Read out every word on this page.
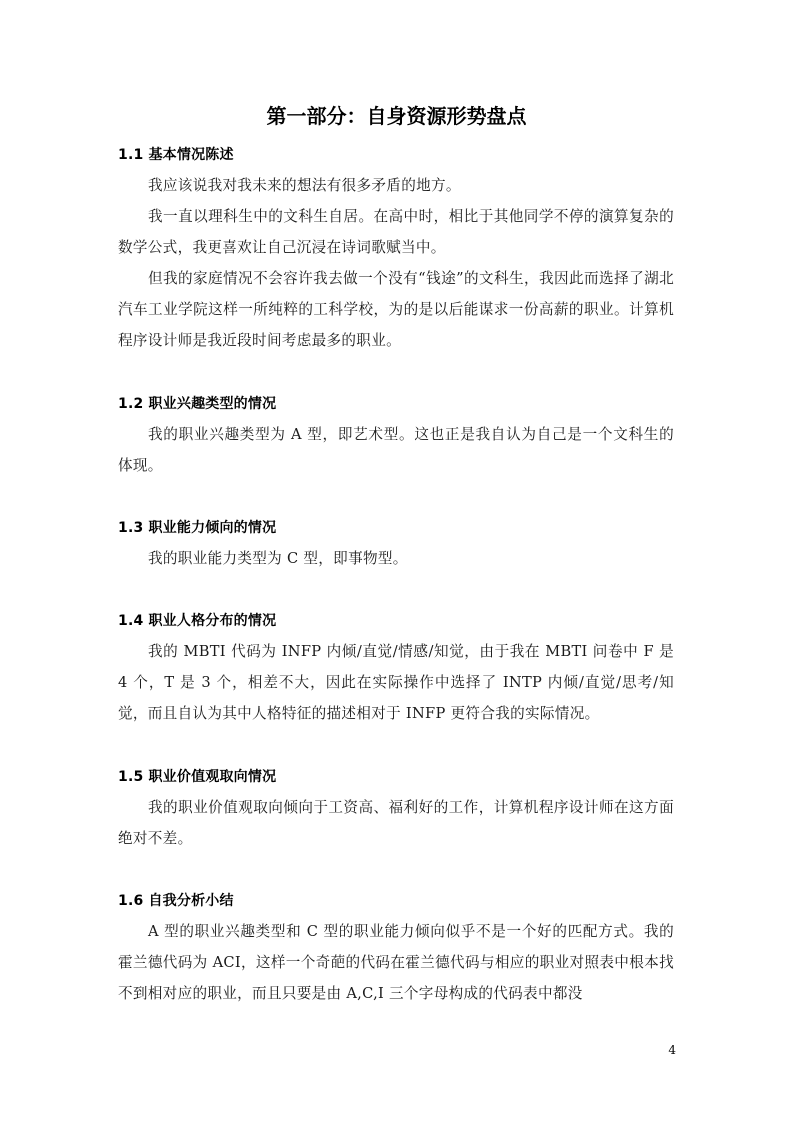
第一部分：自身资源形势盘点
1.1 基本情况陈述

我应该说我对我未来的想法有很多矛盾的地方。

我一直以理科生中的文科生自居。在高中时，相比于其他同学不停的演算复杂的数学公式，我更喜欢让自己沉浸在诗词歌赋当中。

但我的家庭情况不会容许我去做一个没有“钱途”的文科生，我因此而选择了湖北汽车工业学院这样一所纯粹的工科学校，为的是以后能谋求一份高薪的职业。计算机程序设计师是我近段时间考虑最多的职业。

1.2 职业兴趣类型的情况

我的职业兴趣类型为 A 型，即艺术型。这也正是我自认为自己是一个文科生的体现。

1.3 职业能力倾向的情况

我的职业能力类型为 C 型，即事物型。

1.4 职业人格分布的情况

我的 MBTI 代码为 INFP 内倾/直觉/情感/知觉，由于我在 MBTI 问卷中 F 是 4 个，T 是 3 个，相差不大，因此在实际操作中选择了 INTP 内倾/直觉/思考/知觉，而且自认为其中人格特征的描述相对于 INFP 更符合我的实际情况。

1.5 职业价值观取向情况

我的职业价值观取向倾向于工资高、福利好的工作，计算机程序设计师在这方面绝对不差。

1.6 自我分析小结

A 型的职业兴趣类型和 C 型的职业能力倾向似乎不是一个好的匹配方式。我的霍兰德代码为 ACI，这样一个奇葩的代码在霍兰德代码与相应的职业对照表中根本找不到相对应的职业，而且只要是由 A,C,I 三个字母构成的代码表中都没

4
